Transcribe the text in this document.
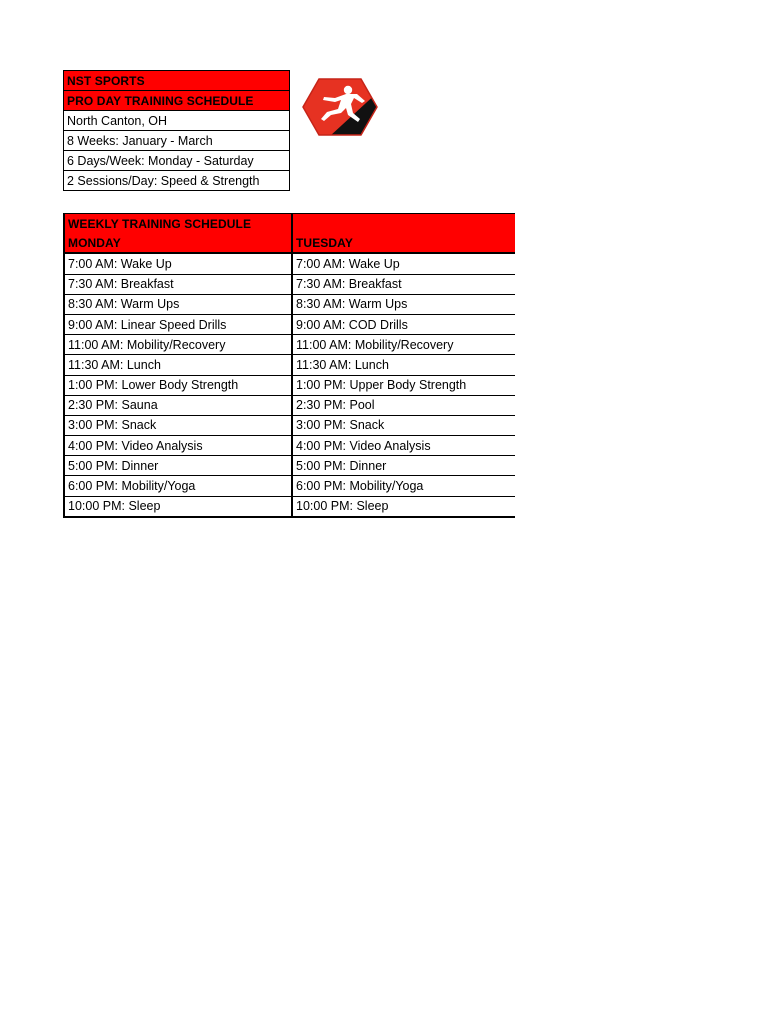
NST SPORTS
PRO DAY TRAINING SCHEDULE
North Canton, OH
8 Weeks: January - March
6 Days/Week: Monday - Saturday
2 Sessions/Day: Speed & Strength
WEEKLY TRAINING SCHEDULE	
MONDAY	TUESDAY
7:00 AM: Wake Up	7:00 AM: Wake Up
7:30 AM: Breakfast	7:30 AM: Breakfast
8:30 AM: Warm Ups	8:30 AM: Warm Ups
9:00 AM: Linear Speed Drills	9:00 AM: COD Drills
11:00 AM: Mobility/Recovery	11:00 AM: Mobility/Recovery
11:30 AM: Lunch	11:30 AM: Lunch
1:00 PM: Lower Body Strength	1:00 PM: Upper Body Strength
2:30 PM: Sauna	2:30 PM: Pool
3:00 PM: Snack	3:00 PM: Snack
4:00 PM: Video Analysis	4:00 PM: Video Analysis
5:00 PM: Dinner	5:00 PM: Dinner
6:00 PM: Mobility/Yoga	6:00 PM: Mobility/Yoga
10:00 PM: Sleep	10:00 PM: Sleep
